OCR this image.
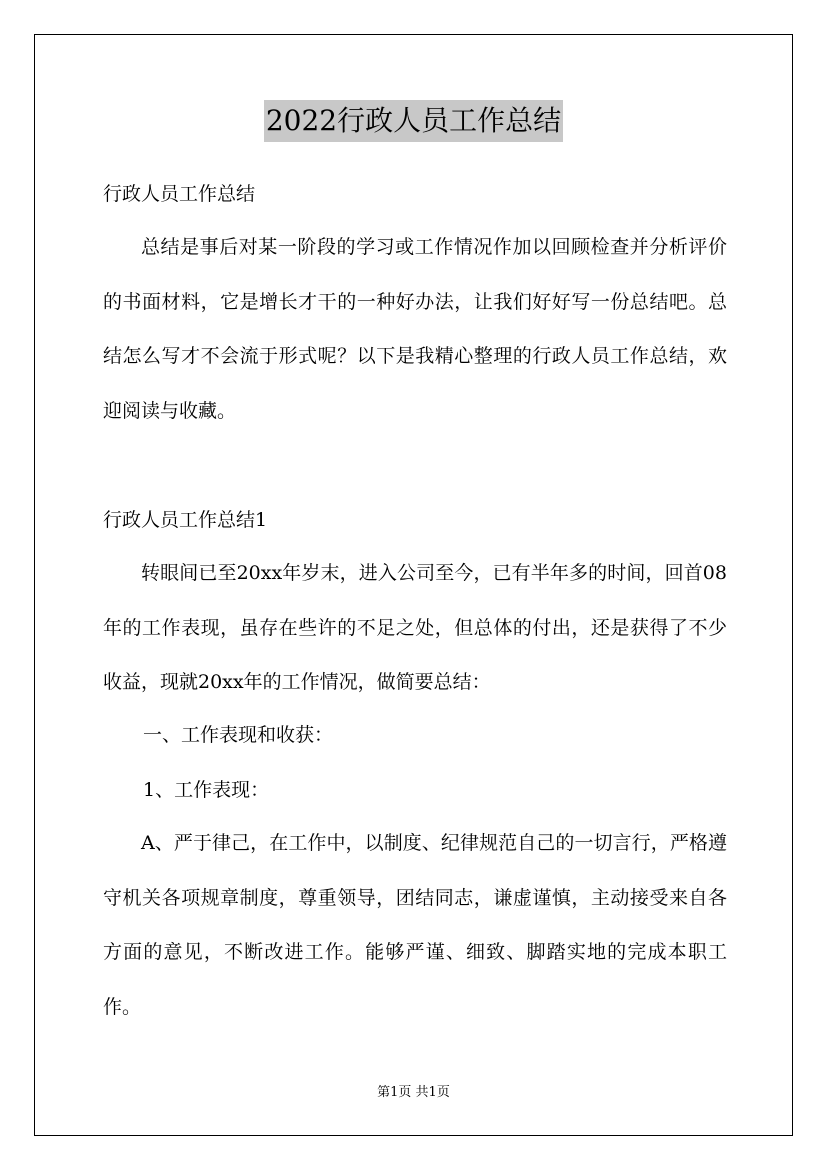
2022行政人员工作总结
行政人员工作总结
总结是事后对某一阶段的学习或工作情况作加以回顾检查并分析评价的书面材料，它是增长才干的一种好办法，让我们好好写一份总结吧。总结怎么写才不会流于形式呢？以下是我精心整理的行政人员工作总结，欢迎阅读与收藏。
行政人员工作总结1
转眼间已至20xx年岁末，进入公司至今，已有半年多的时间，回首08年的工作表现，虽存在些许的不足之处，但总体的付出，还是获得了不少收益，现就20xx年的工作情况，做简要总结：
一、工作表现和收获：
1、工作表现：
A、严于律己，在工作中，以制度、纪律规范自己的一切言行，严格遵守机关各项规章制度，尊重领导，团结同志，谦虚谨慎，主动接受来自各方面的意见，不断改进工作。能够严谨、细致、脚踏实地的完成本职工作。
第1页 共1页
